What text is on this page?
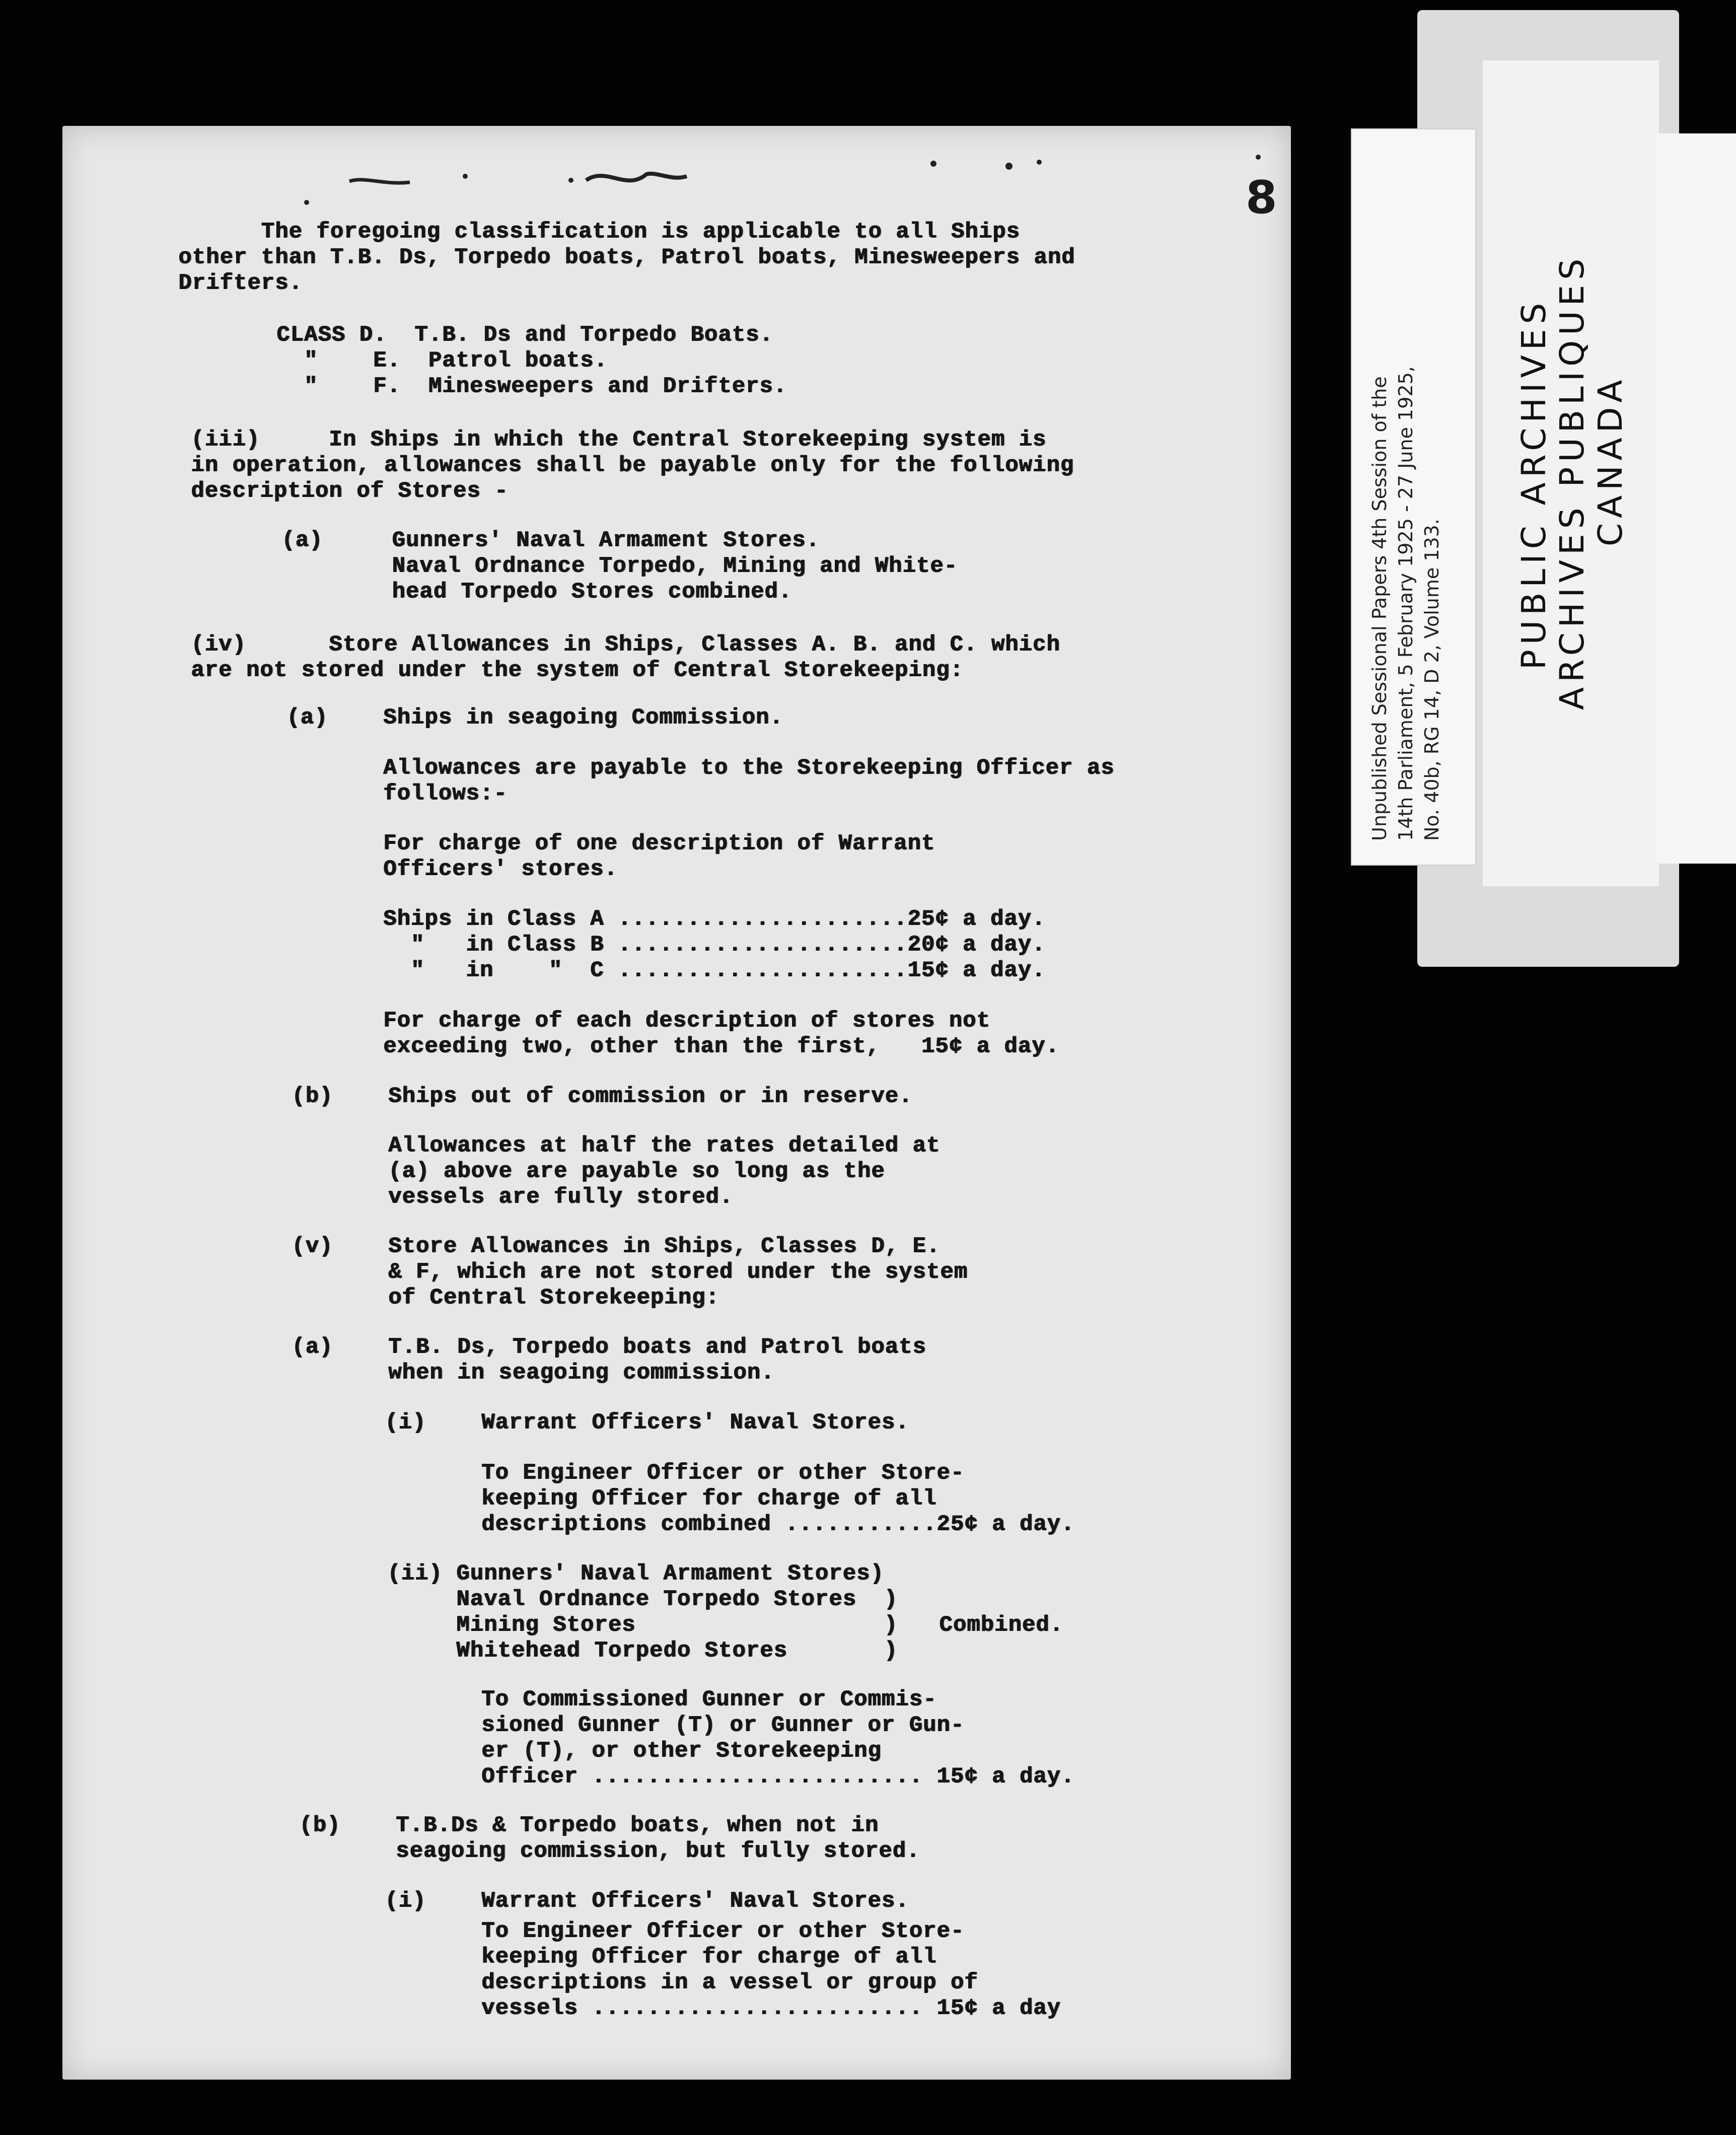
8
The foregoing classification is applicable to all Ships
other than T.B. Ds, Torpedo boats, Patrol boats, Minesweepers and
Drifters.
CLASS D.  T.B. Ds and Torpedo Boats.
"    E.  Patrol boats.
"    F.  Minesweepers and Drifters.
(iii)     In Ships in which the Central Storekeeping system is
in operation, allowances shall be payable only for the following
description of Stores -
(a)     Gunners' Naval Armament Stores.
Naval Ordnance Torpedo, Mining and White-
head Torpedo Stores combined.
(iv)      Store Allowances in Ships, Classes A. B. and C. which
are not stored under the system of Central Storekeeping:
(a)    Ships in seagoing Commission.
Allowances are payable to the Storekeeping Officer as
follows:-
For charge of one description of Warrant
Officers' stores.
Ships in Class A .....................25¢ a day.
"   in Class B .....................20¢ a day.
"   in    "  C .....................15¢ a day.
For charge of each description of stores not
exceeding two, other than the first,   15¢ a day.
(b)    Ships out of commission or in reserve.
Allowances at half the rates detailed at
(a) above are payable so long as the
vessels are fully stored.
(v)    Store Allowances in Ships, Classes D, E.
& F, which are not stored under the system
of Central Storekeeping:
(a)    T.B. Ds, Torpedo boats and Patrol boats
when in seagoing commission.
(i)    Warrant Officers' Naval Stores.
To Engineer Officer or other Store-
keeping Officer for charge of all
descriptions combined ...........25¢ a day.
(ii) Gunners' Naval Armament Stores)
Naval Ordnance Torpedo Stores  )
Mining Stores                  )   Combined.
Whitehead Torpedo Stores       )
To Commissioned Gunner or Commis-
sioned Gunner (T) or Gunner or Gun-
er (T), or other Storekeeping
Officer ........................ 15¢ a day.
(b)    T.B.Ds & Torpedo boats, when not in
seagoing commission, but fully stored.
(i)    Warrant Officers' Naval Stores.
To Engineer Officer or other Store-
keeping Officer for charge of all
descriptions in a vessel or group of
vessels ........................ 15¢ a day
PUBLIC ARCHIVES ARCHIVES PUBLIQUES CANADA
Unpublished Sessional Papers 4th Session of the 14th Parliament, 5 February 1925 - 27 June 1925, No. 40b, RG 14, D 2, Volume 133.
